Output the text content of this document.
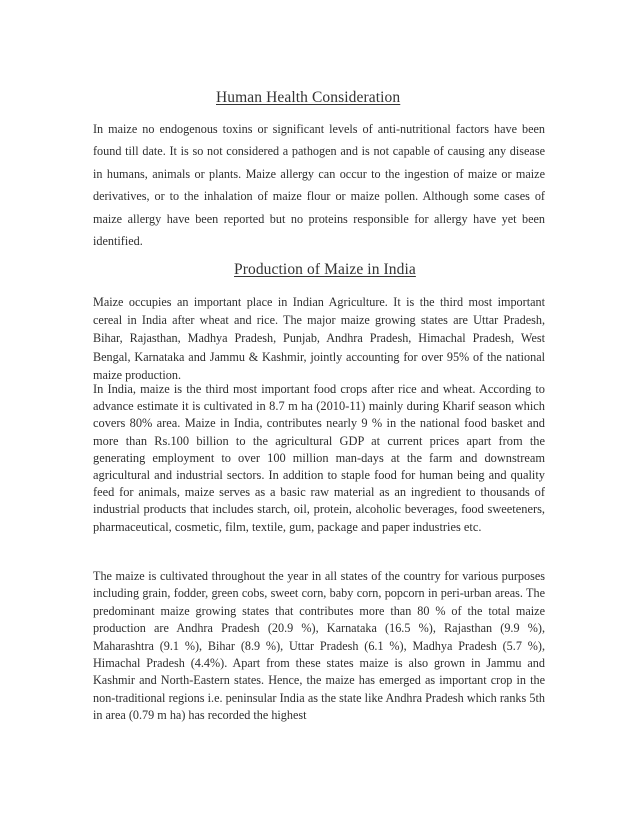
Human Health Consideration

In maize no endogenous toxins or significant levels of anti-nutritional factors have been found till date. It is so not considered a pathogen and is not capable of causing any disease in humans, animals or plants. Maize allergy can occur to the ingestion of maize or maize derivatives, or to the inhalation of maize flour or maize pollen. Although some cases of maize allergy have been reported but no proteins responsible for allergy have yet been identified.

Production of Maize in India

Maize occupies an important place in Indian Agriculture. It is the third most important cereal in India after wheat and rice. The major maize growing states are Uttar Pradesh, Bihar, Rajasthan, Madhya Pradesh, Punjab, Andhra Pradesh, Himachal Pradesh, West Bengal, Karnataka and Jammu & Kashmir, jointly accounting for over 95% of the national maize production.

In India, maize is the third most important food crops after rice and wheat. According to advance estimate it is cultivated in 8.7 m ha (2010-11) mainly during Kharif season which covers 80% area. Maize in India, contributes nearly 9 % in the national food basket and more than Rs.100 billion to the agricultural GDP at current prices apart from the generating employment to over 100 million man-days at the farm and downstream agricultural and industrial sectors. In addition to staple food for human being and quality feed for animals, maize serves as a basic raw material as an ingredient to thousands of industrial products that includes starch, oil, protein, alcoholic beverages, food sweeteners, pharmaceutical, cosmetic, film, textile, gum, package and paper industries etc.

The maize is cultivated throughout the year in all states of the country for various purposes including grain, fodder, green cobs, sweet corn, baby corn, popcorn in peri-urban areas. The predominant maize growing states that contributes more than 80 % of the total maize production are Andhra Pradesh (20.9 %), Karnataka (16.5 %), Rajasthan (9.9 %), Maharashtra (9.1 %), Bihar (8.9 %), Uttar Pradesh (6.1 %), Madhya Pradesh (5.7 %), Himachal Pradesh (4.4%). Apart from these states maize is also grown in Jammu and Kashmir and North-Eastern states. Hence, the maize has emerged as important crop in the non-traditional regions i.e. peninsular India as the state like Andhra Pradesh which ranks 5th in area (0.79 m ha) has recorded the highest
